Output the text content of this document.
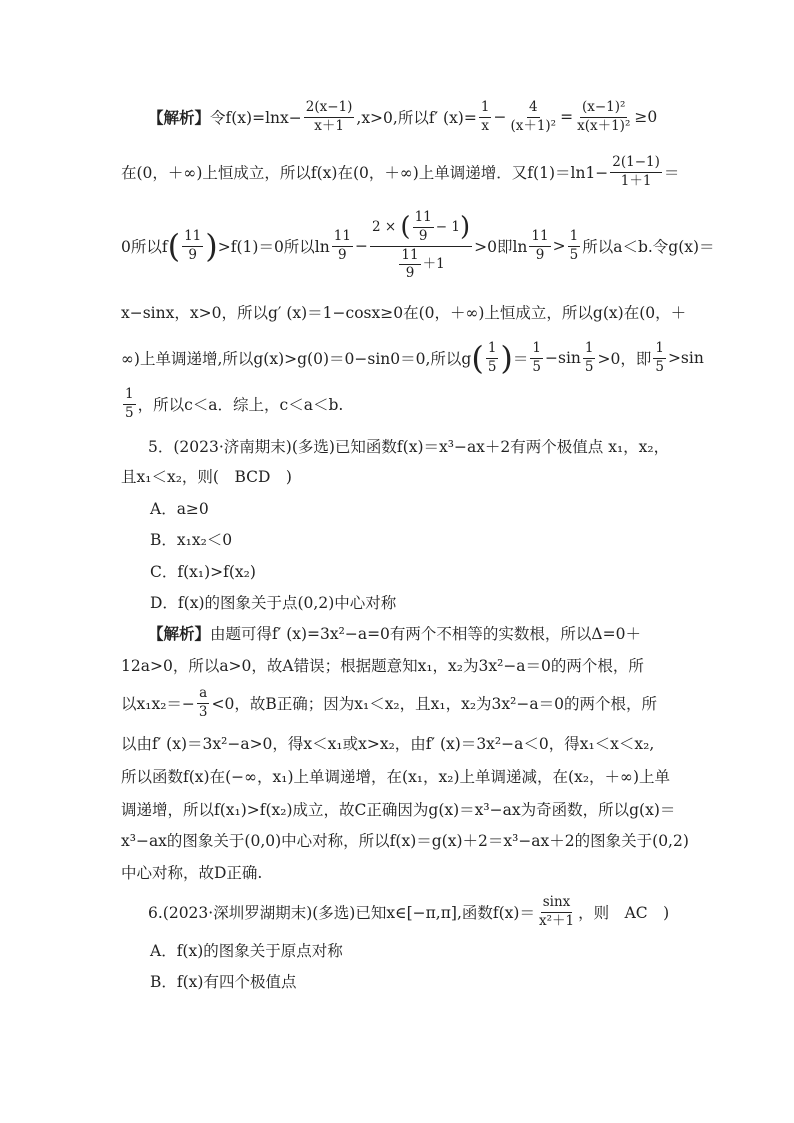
【解析】 令$f(x)=\ln x- \frac{2(x-1)}{x+1} ,x>0$,所以f′ $(x)= \frac{1}{x} - \frac{4}{\text{(x＋1)²}} = \frac{\text{(x−1)²}}{\text{x(x＋1)²}} \ge 0$
在(0，＋∞)上恒成立，所以f(x)在(0，＋∞)上单调递增．又$f(1)=\ln 1- \frac{2(1-1)}{1+1}$ ＝
0所以f ( $\frac{11}{9}$ ) >f(1)＝0所以$\ln \frac{11}{9} - \frac{2 \times ( \frac{11}{9} - 1 )}{\frac{11}{9} +1} >0$即$\ln \frac{11}{9} > \frac{1}{5}$ 所以a＜b.令g(x)＝
x−sinx，x>0，所以g′ (x)＝1−cosx≥0在(0，＋∞)上恒成立，所以g(x)在(0，＋
∞)上单调递增,所以g(x)>g(0)＝0−sin0＝0,所以g ( $\frac{1}{5}$ ) ＝ $\frac{1}{5} -\sin \frac{1}{5} >0$，即 $\frac{1}{5} >\sin$
$\frac{1}{5}$ ，所以c＜a．综上，c＜a＜b.
5．(2023·济南期末)(多选)已知函数f(x)＝x³−ax＋2有两个极值点 x₁，x₂，
且x₁＜x₂，则(　BCD　)
A．a≥0
B．x₁x₂＜0
C．f(x₁)>f(x₂)
D．f(x)的图象关于点(0,2)中心对称
【解析】 由题可得f′ (x)=3x²−a=0有两个不相等的实数根，所以Δ=0＋
12a>0，所以a>0，故A错误；根据题意知x₁，x₂为3x²−a＝0的两个根，所
以$x_1x_2=- \frac{a}{3} <0$，故B正确；因为x₁＜x₂，且x₁，x₂为3x²−a＝0的两个根，所
以由f′ (x)＝3x²−a>0，得x＜x₁或x>x₂，由f′ (x)＝3x²−a＜0，得x₁＜x＜x₂,
所以函数f(x)在(−∞，x₁)上单调递增，在(x₁，x₂)上单调递减，在(x₂，＋∞)上单
调递增，所以f(x₁)>f(x₂)成立，故C正确因为g(x)＝x³−ax为奇函数，所以g(x)＝
x³−ax的图象关于(0,0)中心对称，所以f(x)＝g(x)＋2＝x³−ax＋2的图象关于(0,2)
中心对称，故D正确.
6.(2023·深圳罗湖期末)(多选)已知x∈[−π,π],函数$f(x)= \frac{\sin x}{\text{x²＋1}}$ ，则　AC　)
A．f(x)的图象关于原点对称
B．f(x)有四个极值点
